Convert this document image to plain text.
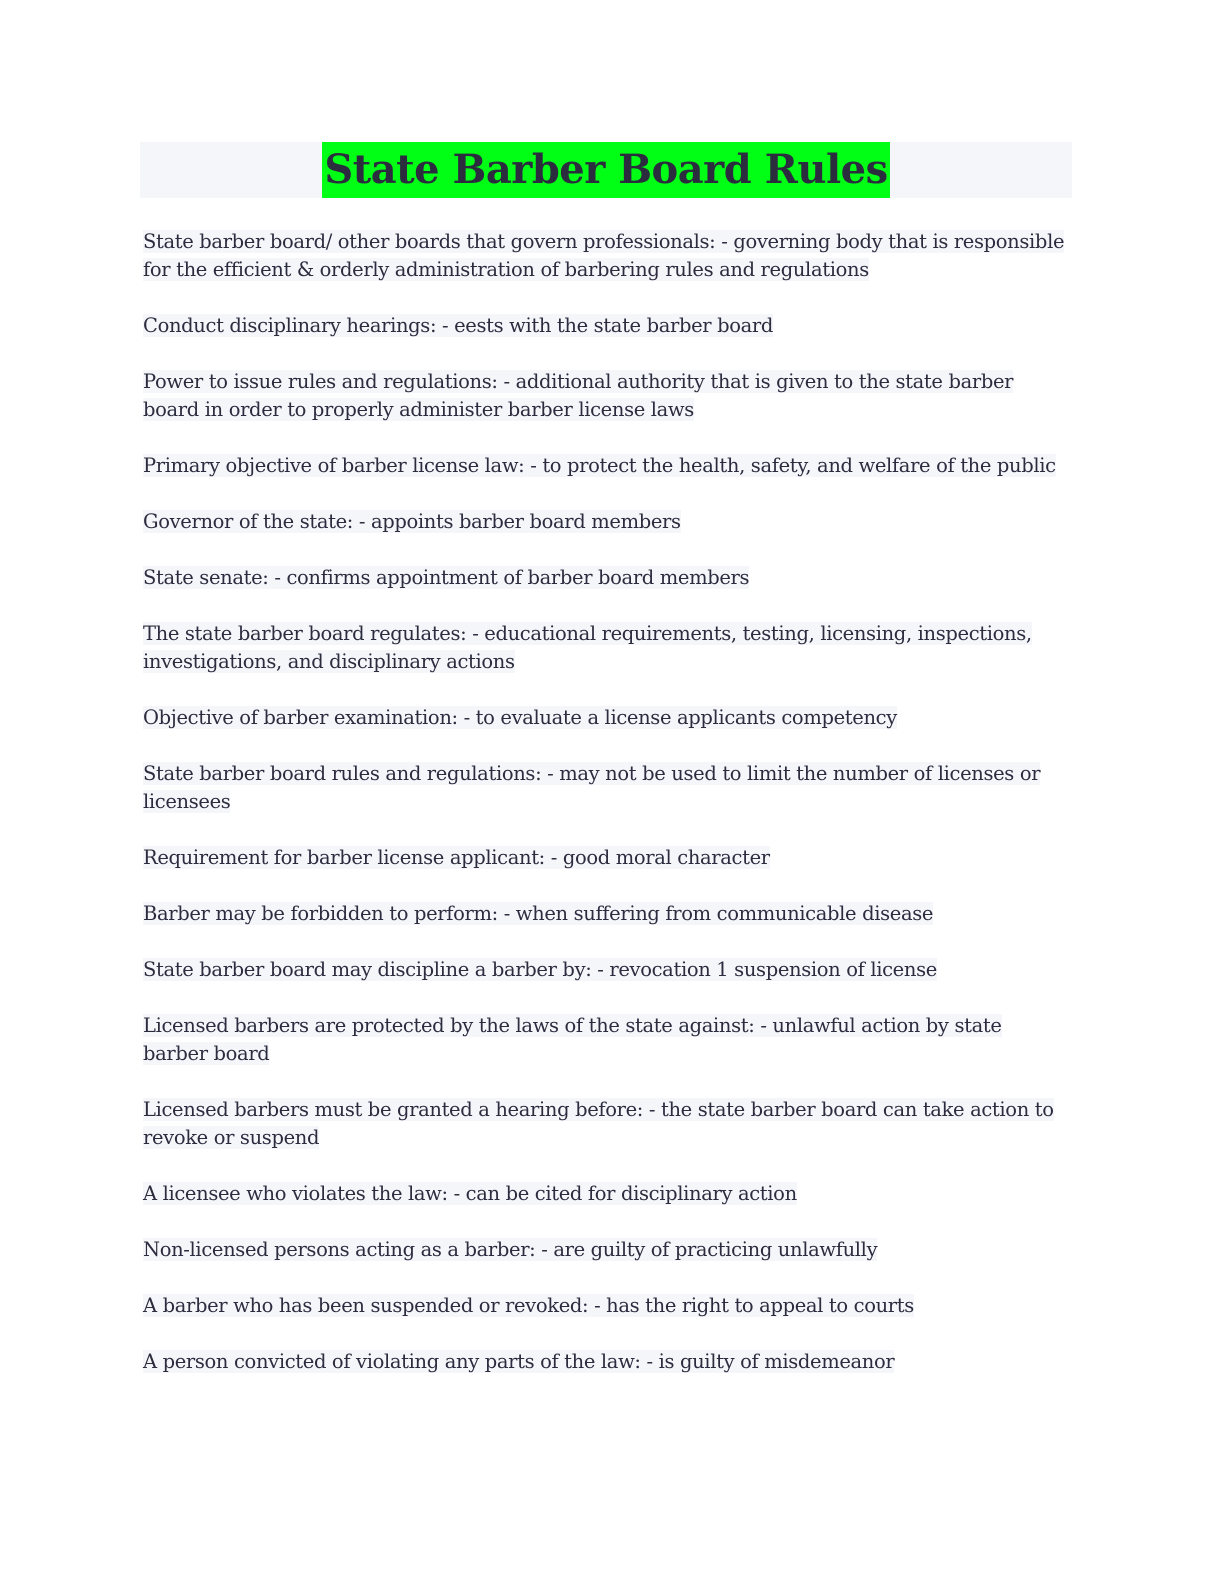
State Barber Board Rules

State barber board/ other boards that govern professionals: - governing body that is responsible for the efficient & orderly administration of barbering rules and regulations

Conduct disciplinary hearings: - eests with the state barber board

Power to issue rules and regulations: - additional authority that is given to the state barber board in order to properly administer barber license laws

Primary objective of barber license law: - to protect the health, safety, and welfare of the public

Governor of the state: - appoints barber board members

State senate: - confirms appointment of barber board members

The state barber board regulates: - educational requirements, testing, licensing, inspections, investigations, and disciplinary actions

Objective of barber examination: - to evaluate a license applicants competency

State barber board rules and regulations: - may not be used to limit the number of licenses or licensees

Requirement for barber license applicant: - good moral character

Barber may be forbidden to perform: - when suffering from communicable disease

State barber board may discipline a barber by: - revocation 1 suspension of license

Licensed barbers are protected by the laws of the state against: - unlawful action by state barber board

Licensed barbers must be granted a hearing before: - the state barber board can take action to revoke or suspend

A licensee who violates the law: - can be cited for disciplinary action

Non-licensed persons acting as a barber: - are guilty of practicing unlawfully

A barber who has been suspended or revoked: - has the right to appeal to courts

A person convicted of violating any parts of the law: - is guilty of misdemeanor
